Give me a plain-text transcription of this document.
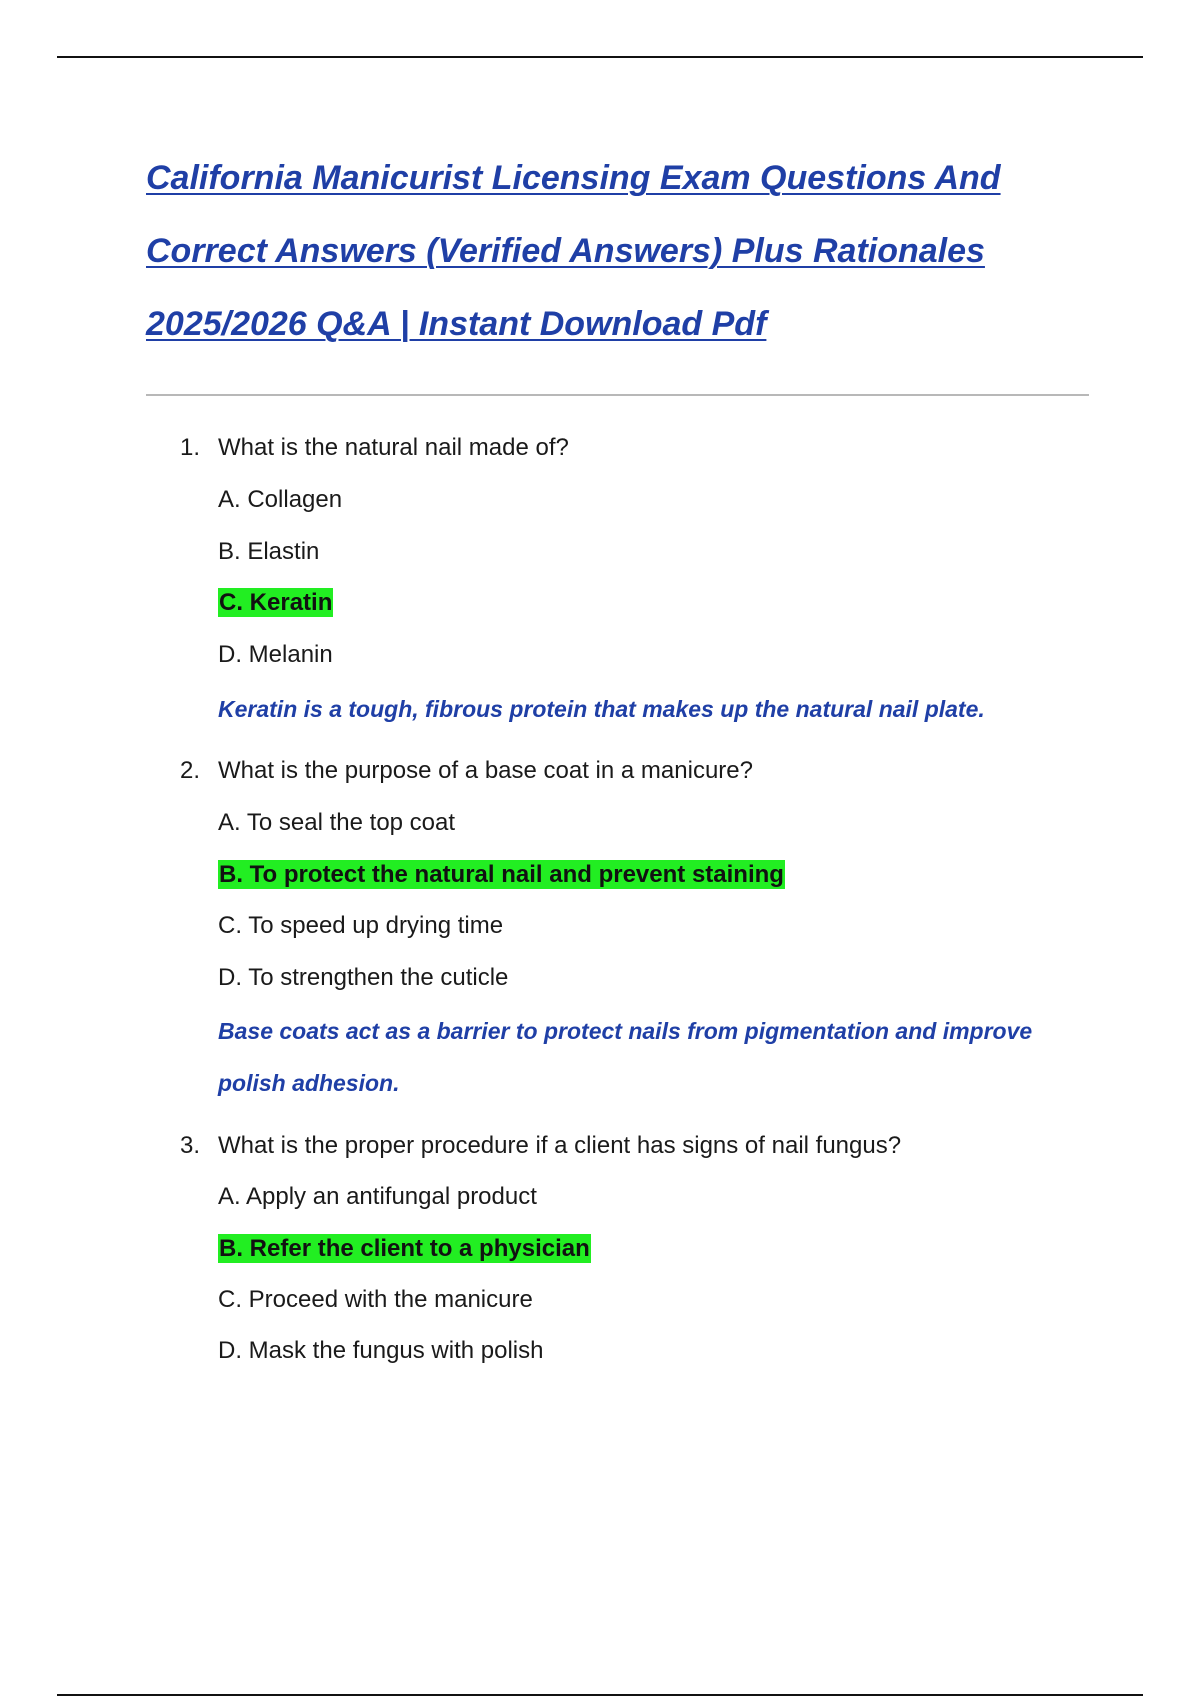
California Manicurist Licensing Exam Questions And
Correct Answers (Verified Answers) Plus Rationales
2025/2026 Q&A | Instant Download Pdf
1. What is the natural nail made of?
A. Collagen
B. Elastin
C. Keratin
D. Melanin
Keratin is a tough, fibrous protein that makes up the natural nail plate.
2. What is the purpose of a base coat in a manicure?
A. To seal the top coat
B. To protect the natural nail and prevent staining
C. To speed up drying time
D. To strengthen the cuticle
Base coats act as a barrier to protect nails from pigmentation and improve polish adhesion.
3. What is the proper procedure if a client has signs of nail fungus?
A. Apply an antifungal product
B. Refer the client to a physician
C. Proceed with the manicure
D. Mask the fungus with polish
